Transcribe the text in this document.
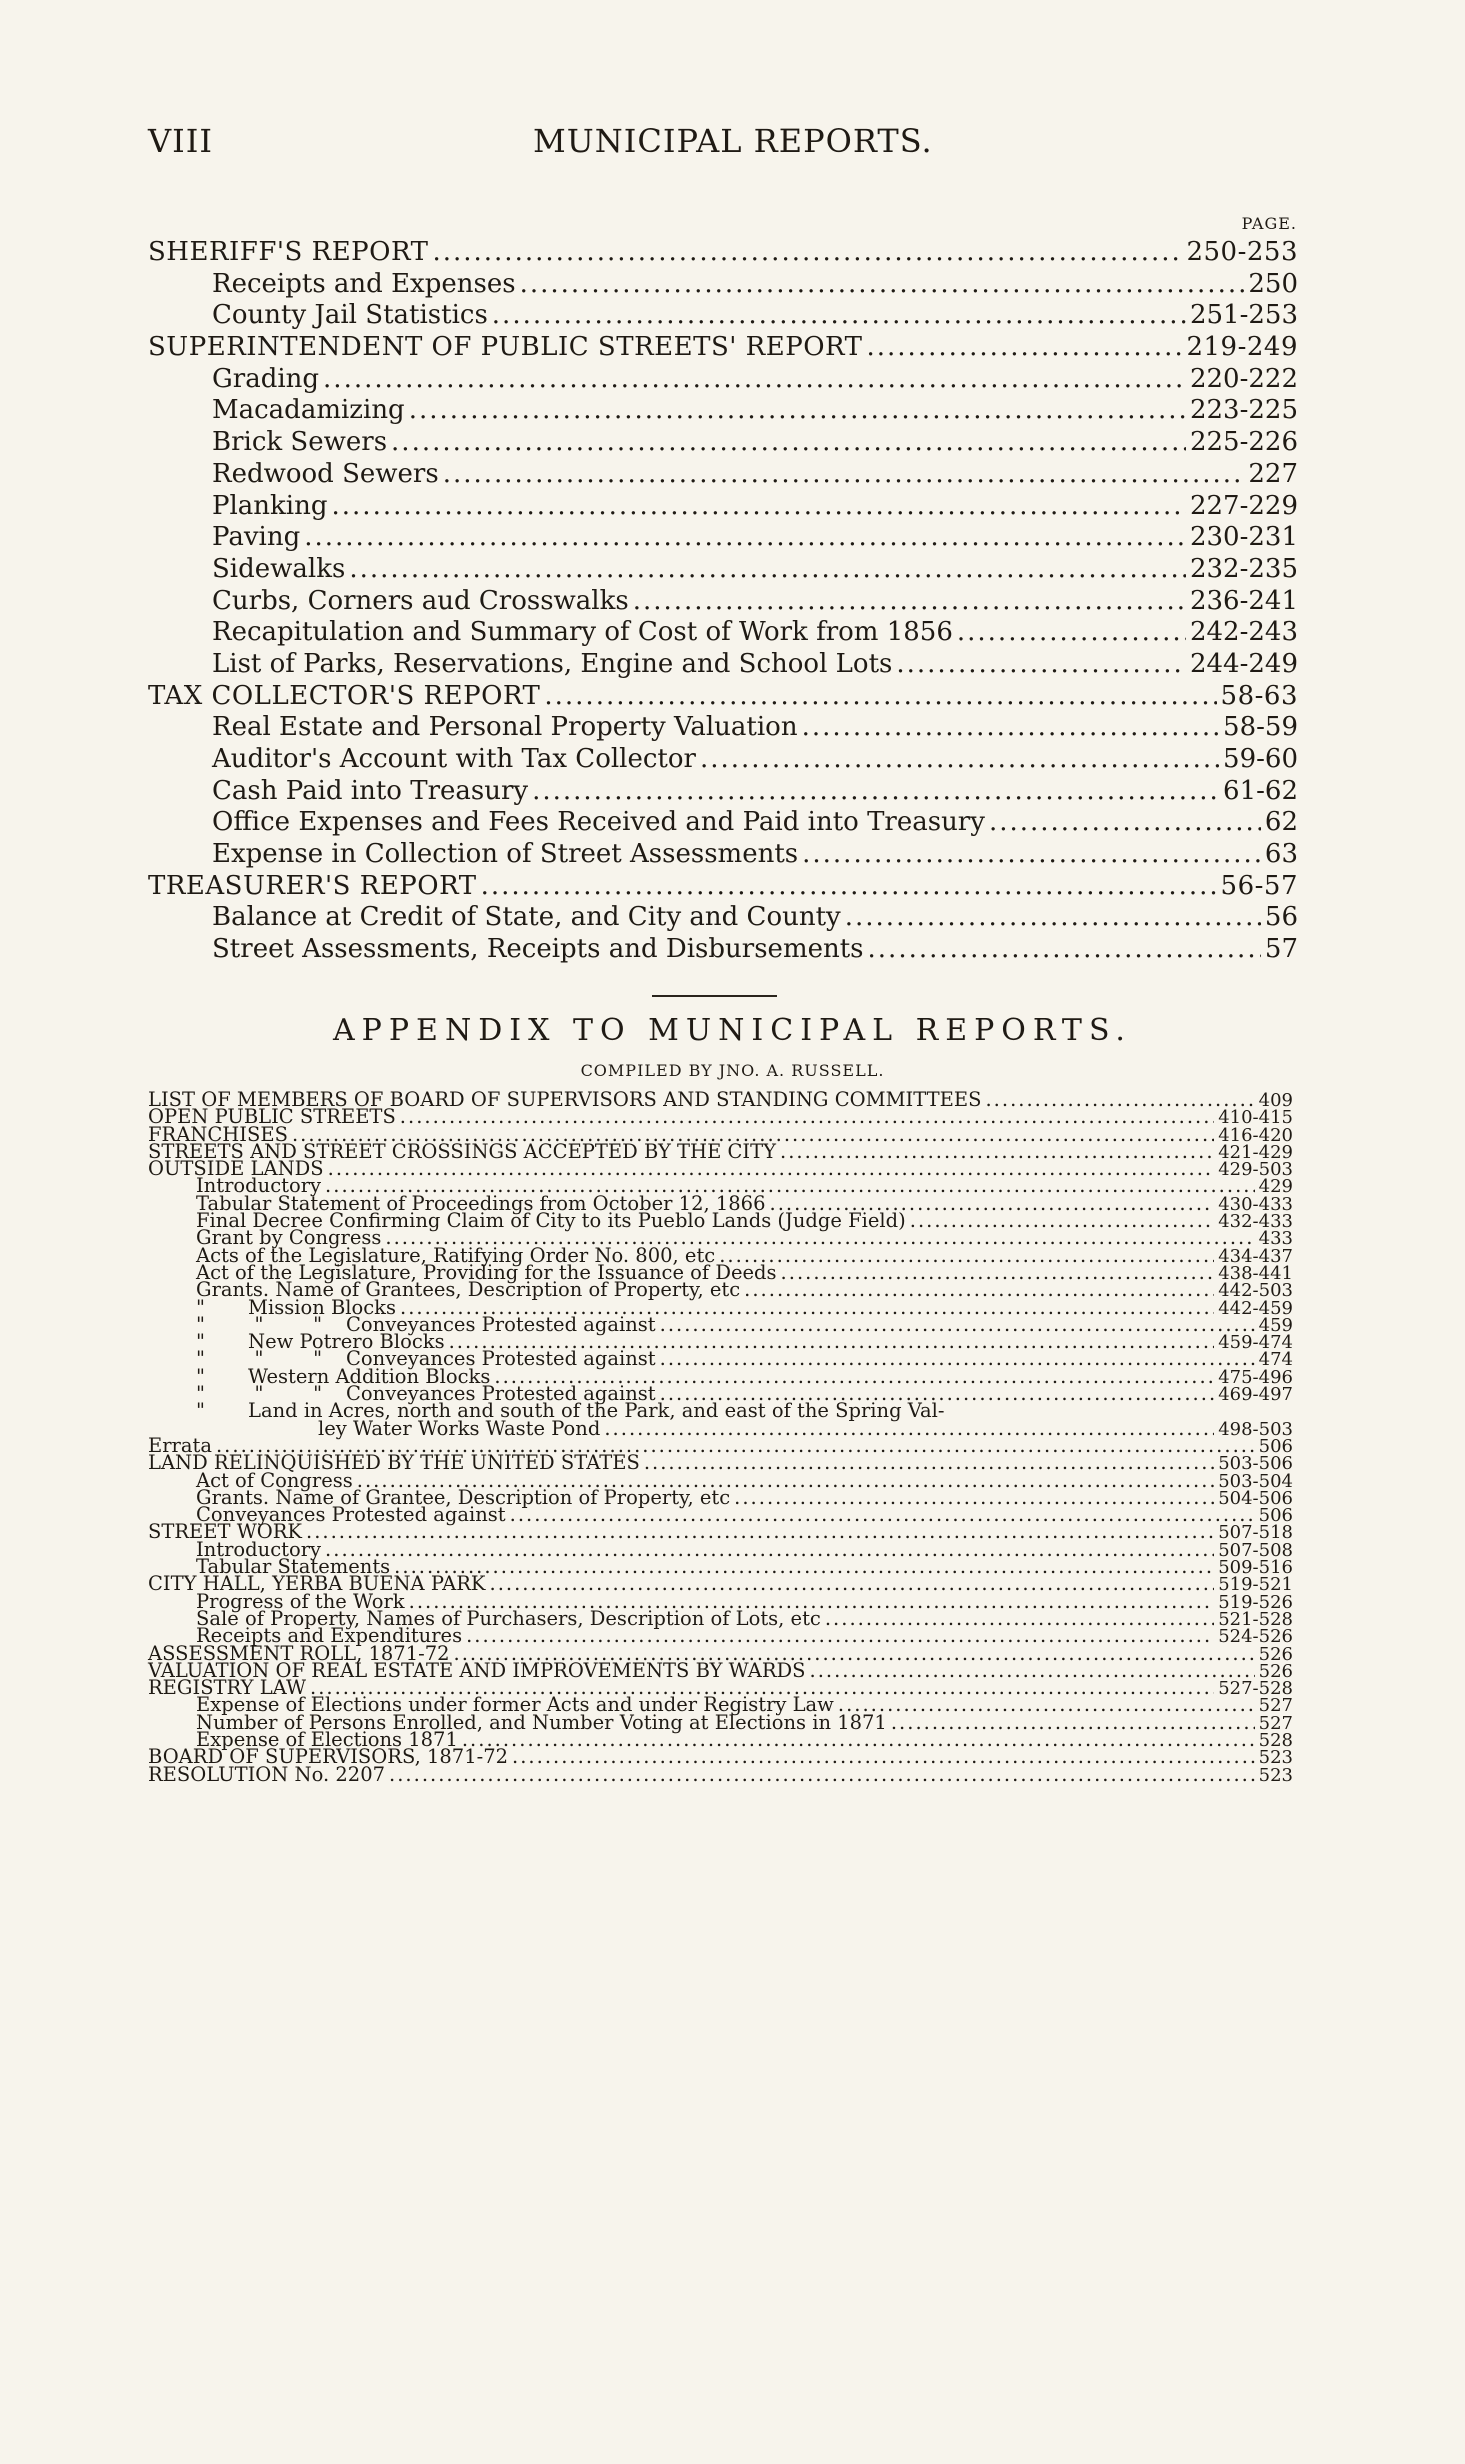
VIII	MUNICIPAL REPORTS.
PAGE.
SHERIFF'S REPORT .....	250-253
Receipts and Expenses .....	250
County Jail Statistics .....	251-253
SUPERINTENDENT OF PUBLIC STREETS' REPORT .....	219-249
Grading .....	220-222
Macadamizing .....	223-225
Brick Sewers .....	225-226
Redwood Sewers .....	227
Planking .....	227-229
Paving .....	230-231
Sidewalks .....	232-235
Curbs, Corners aud Crosswalks .....	236-241
Recapitulation and Summary of Cost of Work from 1856 .....	242-243
List of Parks, Reservations, Engine and School Lots .....	244-249
TAX COLLECTOR'S REPORT .....	58-63
Real Estate and Personal Property Valuation .....	58-59
Auditor's Account with Tax Collector .....	59-60
Cash Paid into Treasury .....	61-62
Office Expenses and Fees Received and Paid into Treasury .....	62
Expense in Collection of Street Assessments .....	63
TREASURER'S REPORT .....	56-57
Balance at Credit of State, and City and County .....	56
Street Assessments, Receipts and Disbursements .....	57
APPENDIX TO MUNICIPAL REPORTS.
COMPILED BY JNO. A. RUSSELL.
LIST OF MEMBERS OF BOARD OF SUPERVISORS AND STANDING COMMITTEES .....	409
OPEN PUBLIC STREETS .....	410-415
FRANCHISES .....	416-420
STREETS AND STREET CROSSINGS ACCEPTED BY THE CITY .....	421-429
OUTSIDE LANDS .....	429-503
Introductory .....	429
Tabular Statement of Proceedings from October 12, 1866 .....	430-433
Final Decree Confirming Claim of City to its Pueblo Lands (Judge Field) .....	432-433
Grant by Congress .....	433
Acts of the Legislature, Ratifying Order No. 800, etc .....	434-437
Act of the Legislature, Providing for the Issuance of Deeds .....	438-441
Grants. Name of Grantees, Description of Property, etc .....	442-503
" Mission Blocks .....	442-459
"        "        " Conveyances Protested against .....	459
" New Potrero Blocks .....	459-474
"        "        " Conveyances Protested against .....	474
" Western Addition Blocks .....	475-496
"        "        " Conveyances Protested against .....	469-497
" Land in Acres, north and south of the Park, and east of the Spring Val-
ley Water Works Waste Pond .....	498-503
Errata .....	506
LAND RELINQUISHED BY THE UNITED STATES .....	503-506
Act of Congress .....	503-504
Grants. Name of Grantee, Description of Property, etc .....	504-506
Conveyances Protested against .....	506
STREET WORK .....	507-518
Introductory .....	507-508
Tabular Statements .....	509-516
CITY HALL, YERBA BUENA PARK .....	519-521
Progress of the Work .....	519-526
Sale of Property, Names of Purchasers, Description of Lots, etc .....	521-528
Receipts and Expenditures .....	524-526
ASSESSMENT ROLL, 1871-72 .....	526
VALUATION OF REAL ESTATE AND IMPROVEMENTS BY WARDS .....	526
REGISTRY LAW .....	527-528
Expense of Elections under former Acts and under Registry Law .....	527
Number of Persons Enrolled, and Number Voting at Elections in 1871 .....	527
Expense of Elections 1871 .....	528
BOARD OF SUPERVISORS, 1871-72 .....	523
RESOLUTION No. 2207 .....	523
